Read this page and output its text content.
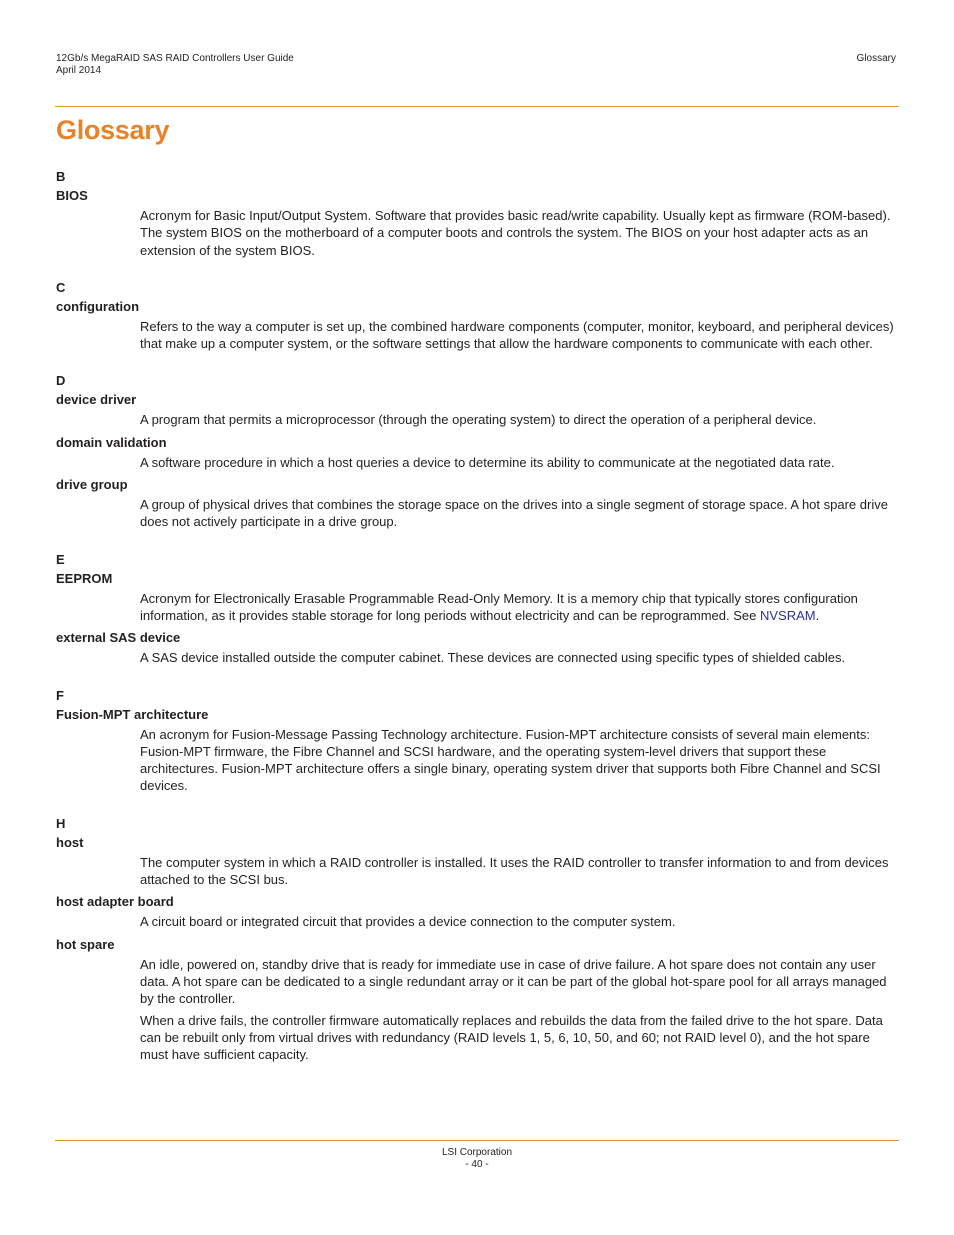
12Gb/s MegaRAID SAS RAID Controllers User Guide
April 2014
Glossary
Glossary
B
BIOS

Acronym for Basic Input/Output System. Software that provides basic read/write capability. Usually kept as firmware (ROM-based). The system BIOS on the motherboard of a computer boots and controls the system. The BIOS on your host adapter acts as an extension of the system BIOS.

C
configuration

Refers to the way a computer is set up, the combined hardware components (computer, monitor, keyboard, and peripheral devices) that make up a computer system, or the software settings that allow the hardware components to communicate with each other.

D
device driver

A program that permits a microprocessor (through the operating system) to direct the operation of a peripheral device.

domain validation

A software procedure in which a host queries a device to determine its ability to communicate at the negotiated data rate.

drive group

A group of physical drives that combines the storage space on the drives into a single segment of storage space. A hot spare drive does not actively participate in a drive group.

E
EEPROM

Acronym for Electronically Erasable Programmable Read-Only Memory. It is a memory chip that typically stores configuration information, as it provides stable storage for long periods without electricity and can be reprogrammed. See NVSRAM.

external SAS device

A SAS device installed outside the computer cabinet. These devices are connected using specific types of shielded cables.

F
Fusion-MPT architecture

An acronym for Fusion-Message Passing Technology architecture. Fusion-MPT architecture consists of several main elements: Fusion-MPT firmware, the Fibre Channel and SCSI hardware, and the operating system-level drivers that support these architectures. Fusion-MPT architecture offers a single binary, operating system driver that supports both Fibre Channel and SCSI devices.

H
host

The computer system in which a RAID controller is installed. It uses the RAID controller to transfer information to and from devices attached to the SCSI bus.

host adapter board

A circuit board or integrated circuit that provides a device connection to the computer system.

hot spare

An idle, powered on, standby drive that is ready for immediate use in case of drive failure. A hot spare does not contain any user data. A hot spare can be dedicated to a single redundant array or it can be part of the global hot-spare pool for all arrays managed by the controller.

When a drive fails, the controller firmware automatically replaces and rebuilds the data from the failed drive to the hot spare. Data can be rebuilt only from virtual drives with redundancy (RAID levels 1, 5, 6, 10, 50, and 60; not RAID level 0), and the hot spare must have sufficient capacity.

LSI Corporation
- 40 -
